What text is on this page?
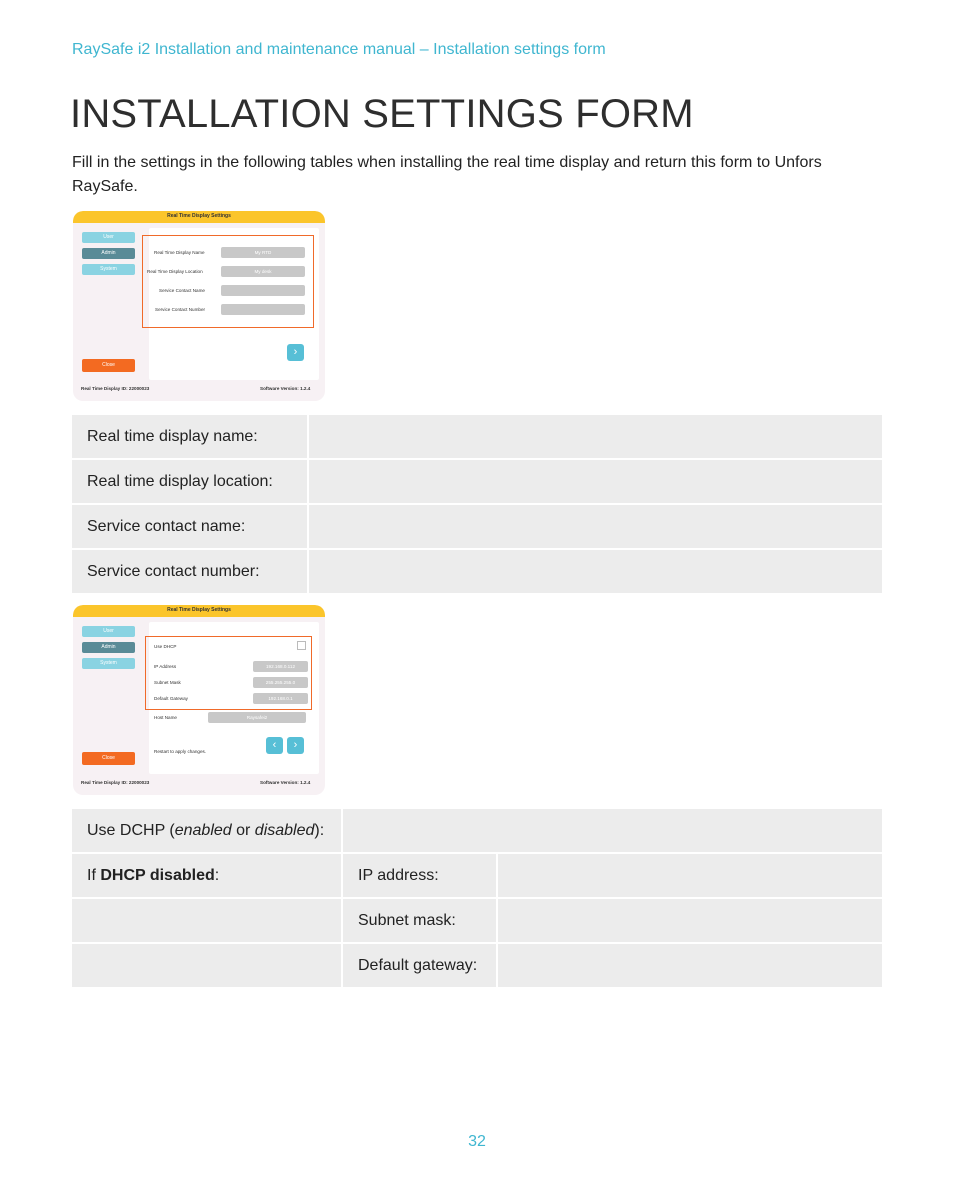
RaySafe i2 Installation and maintenance manual – Installation settings form
INSTALLATION SETTINGS FORM
Fill in the settings in the following tables when installing the real time display and return this form to Unfors RaySafe.
Real Time Display Settings
User
Admin
System
Real Time Display Name	My RTD
Real Time Display Location	My desk
Service Contact Name
Service Contact Number
›
Close
Real Time Display ID: 22000023	Software Version: 1.2.4
Real time display name:	
Real time display location:	
Service contact name:	
Service contact number:	
Real Time Display Settings
User
Admin
System
Use DHCP
IP Address	192.168.0.112
Subnet Mask	255.255.255.0
Default Gateway	192.168.0.1
Host Name	Raysafei2
Restart to apply changes.
‹	›
Close
Real Time Display ID: 22000023	Software Version: 1.2.4
Use DCHP (enabled or disabled):		
If DHCP disabled:	IP address:	
	Subnet mask:	
	Default gateway:	
32
